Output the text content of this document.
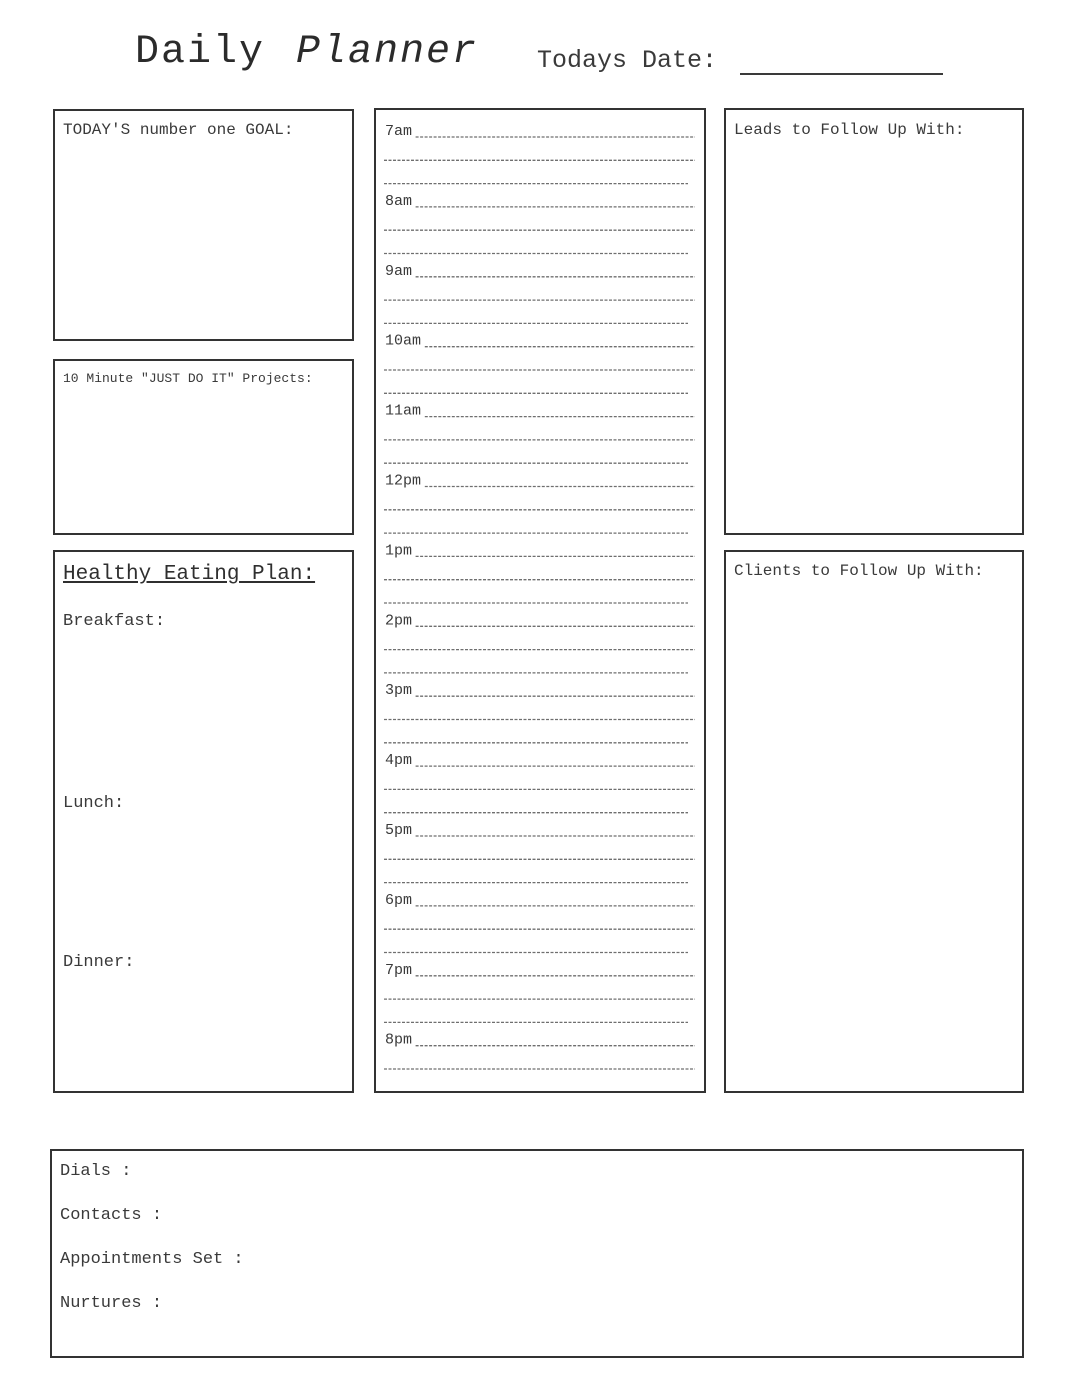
Daily Planner Todays Date:
TODAY'S number one GOAL:
10 Minute "JUST DO IT" Projects:
Healthy Eating Plan:
Breakfast:
Lunch:
Dinner:
7am
8am
9am
10am
11am
12pm
1pm
2pm
3pm
4pm
5pm
6pm
7pm
8pm
Leads to Follow Up With:
Clients to Follow Up With:
Dials :
Contacts :
Appointments Set :
Nurtures :
